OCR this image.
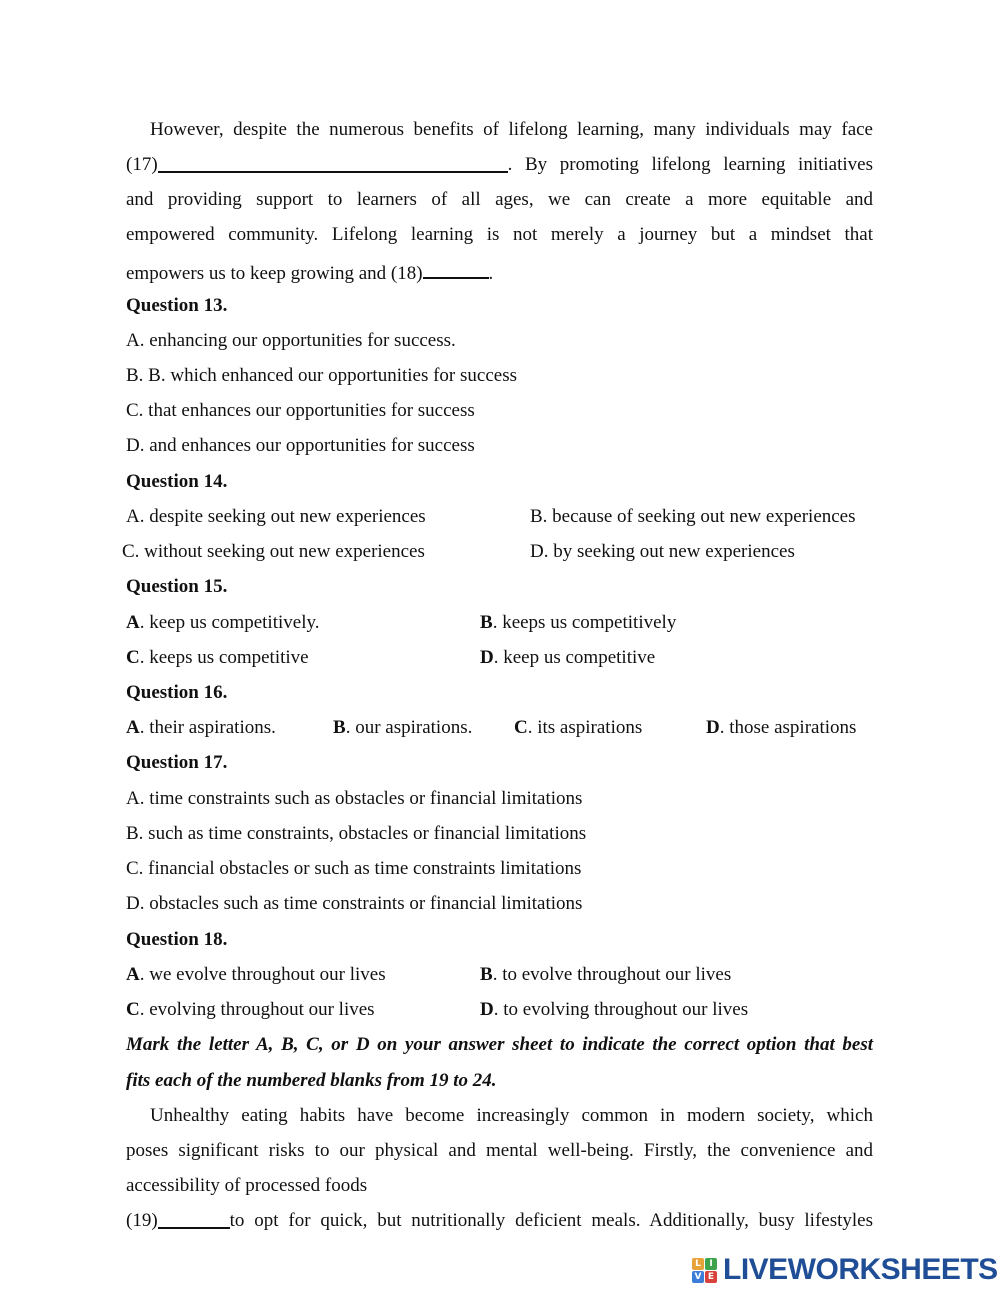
However, despite the numerous benefits of lifelong learning, many individuals may face
(17)	. By promoting lifelong learning initiatives
and providing support to learners of all ages, we can create a more equitable and
empowered community. Lifelong learning is not merely a journey but a mindset that
empowers us to keep growing and (18)	.
Question 13.
A. enhancing our opportunities for success.
B. B. which enhanced our opportunities for success
C. that enhances our opportunities for success
D. and enhances our opportunities for success
Question 14.
A. despite seeking out new experiences	B. because of seeking out new experiences
C. without seeking out new experiences	D. by seeking out new experiences
Question 15.
A. keep us competitively.	B. keeps us competitively
C. keeps us competitive	D. keep us competitive
Question 16.
A. their aspirations.	B. our aspirations. C. its aspirations	D. those aspirations
Question 17.
A. time constraints such as obstacles or financial limitations
B. such as time constraints, obstacles or financial limitations
C. financial obstacles or such as time constraints limitations
D. obstacles such as time constraints or financial limitations
Question 18.
A. we evolve throughout our lives	B. to evolve throughout our lives
C. evolving throughout our lives	D. to evolving throughout our lives
Mark the letter A, B, C, or D on your answer sheet to indicate the correct option that best
fits each of the numbered blanks from 19 to 24.
Unhealthy eating habits have become increasingly common in modern society, which
poses significant risks to our physical and mental well-being. Firstly, the convenience and
accessibility of processed foods
(19)	to opt for quick, but nutritionally deficient meals. Additionally, busy lifestyles
L I
V E LIVEWORKSHEETS
